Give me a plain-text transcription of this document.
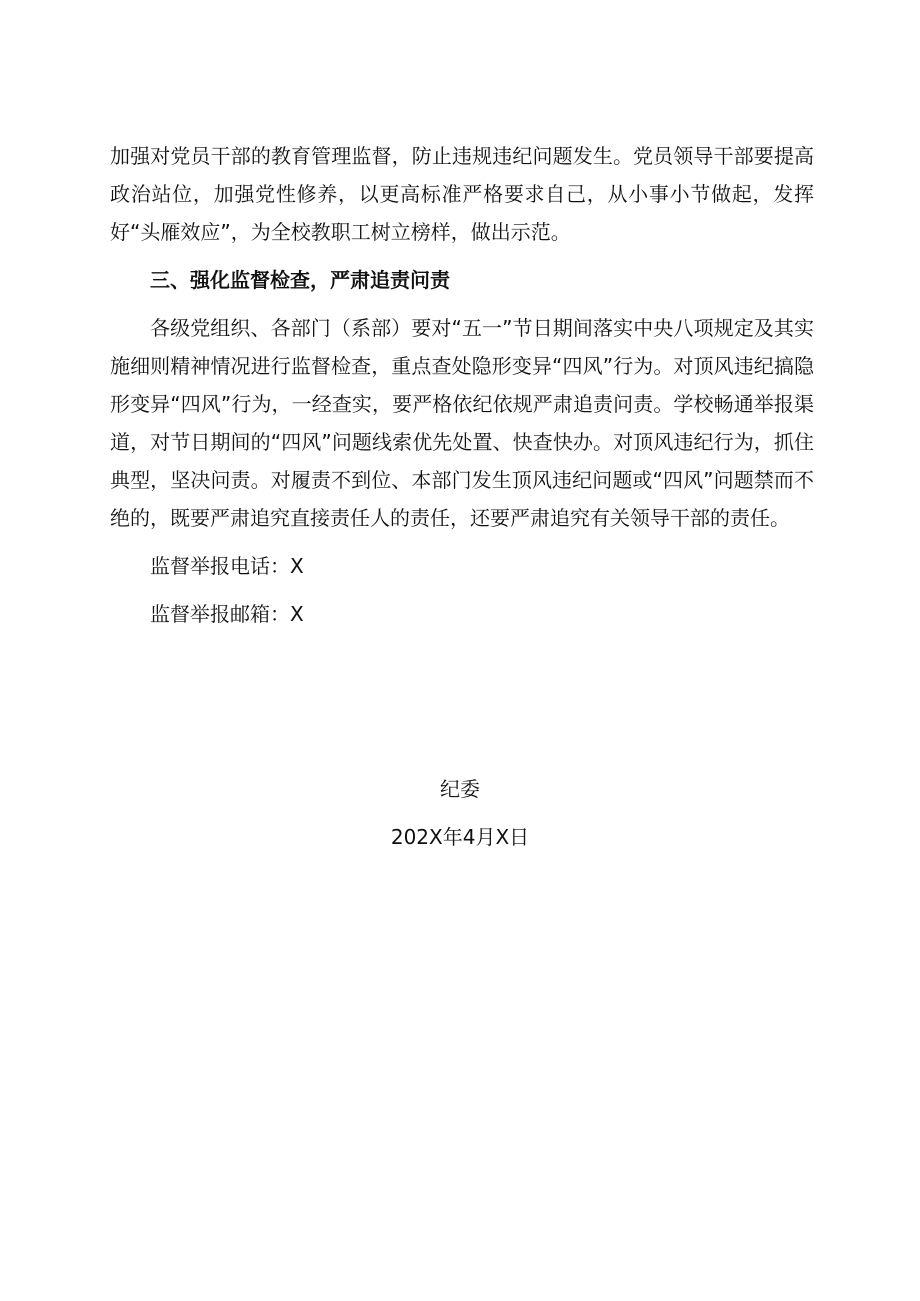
加强对党员干部的教育管理监督，防止违规违纪问题发生。党员领导干部要提高政治站位，加强党性修养，以更高标准严格要求自己，从小事小节做起，发挥好“头雁效应”，为全校教职工树立榜样，做出示范。

三、强化监督检查，严肃追责问责

各级党组织、各部门（系部）要对“五一”节日期间落实中央八项规定及其实施细则精神情况进行监督检查，重点查处隐形变异“四风”行为。对顶风违纪搞隐形变异“四风”行为，一经查实，要严格依纪依规严肃追责问责。学校畅通举报渠道，对节日期间的“四风”问题线索优先处置、快查快办。对顶风违纪行为，抓住典型，坚决问责。对履责不到位、本部门发生顶风违纪问题或“四风”问题禁而不绝的，既要严肃追究直接责任人的责任，还要严肃追究有关领导干部的责任。

监督举报电话：X

监督举报邮箱：X

纪委

202X年4月X日
